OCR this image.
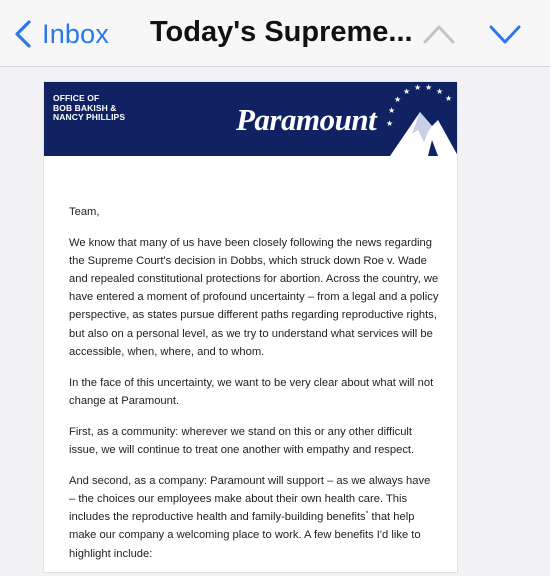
Inbox Today's Supreme...
OFFICE OF
BOB BAKISH &
NANCY PHILLIPS	Paramount ★
★
★
★ ★ ★ ★
★

Team,

We know that many of us have been closely following the news regarding the Supreme Court's decision in Dobbs, which struck down Roe v. Wade and repealed constitutional protections for abortion. Across the country, we have entered a moment of profound uncertainty – from a legal and a policy perspective, as states pursue different paths regarding reproductive rights, but also on a personal level, as we try to understand what services will be accessible, when, where, and to whom.

In the face of this uncertainty, we want to be very clear about what will not change at Paramount.

First, as a community: wherever we stand on this or any other difficult issue, we will continue to treat one another with empathy and respect.

And second, as a company: Paramount will support – as we always have – the choices our employees make about their own health care. This includes the reproductive health and family-building benefits* that help make our company a welcoming place to work. A few benefits I'd like to highlight include:
